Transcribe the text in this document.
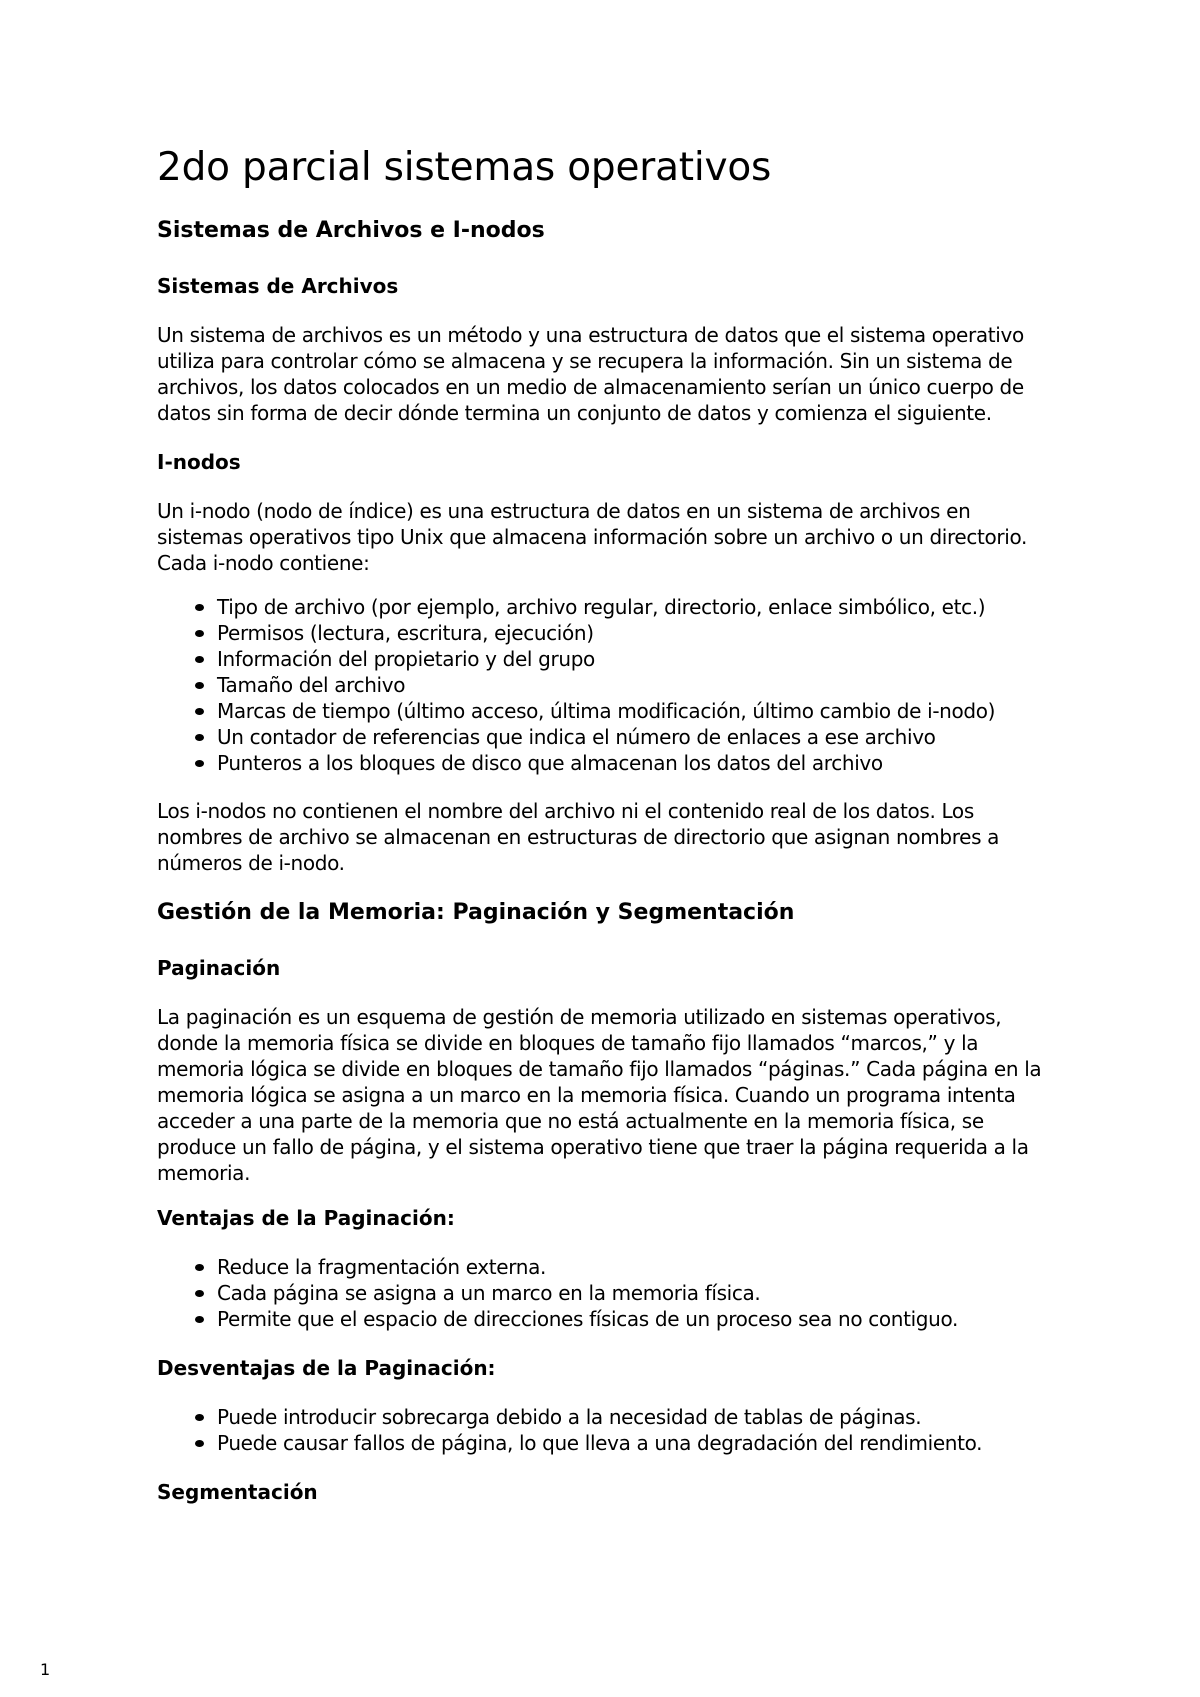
2do parcial sistemas operativos
Sistemas de Archivos e I-nodos
Sistemas de Archivos

Un sistema de archivos es un método y una estructura de datos que el sistema operativo utiliza para controlar cómo se almacena y se recupera la información. Sin un sistema de archivos, los datos colocados en un medio de almacenamiento serían un único cuerpo de datos sin forma de decir dónde termina un conjunto de datos y comienza el siguiente.

I-nodos

Un i-nodo (nodo de índice) es una estructura de datos en un sistema de archivos en sistemas operativos tipo Unix que almacena información sobre un archivo o un directorio. Cada i-nodo contiene:

Tipo de archivo (por ejemplo, archivo regular, directorio, enlace simbólico, etc.)
Permisos (lectura, escritura, ejecución)
Información del propietario y del grupo
Tamaño del archivo
Marcas de tiempo (último acceso, última modificación, último cambio de i-nodo)
Un contador de referencias que indica el número de enlaces a ese archivo
Punteros a los bloques de disco que almacenan los datos del archivo

Los i-nodos no contienen el nombre del archivo ni el contenido real de los datos. Los nombres de archivo se almacenan en estructuras de directorio que asignan nombres a números de i-nodo.

Gestión de la Memoria: Paginación y Segmentación
Paginación

La paginación es un esquema de gestión de memoria utilizado en sistemas operativos, donde la memoria física se divide en bloques de tamaño fijo llamados “marcos,” y la memoria lógica se divide en bloques de tamaño fijo llamados “páginas.” Cada página en la memoria lógica se asigna a un marco en la memoria física. Cuando un programa intenta acceder a una parte de la memoria que no está actualmente en la memoria física, se produce un fallo de página, y el sistema operativo tiene que traer la página requerida a la memoria.

Ventajas de la Paginación:
Reduce la fragmentación externa.
Cada página se asigna a un marco en la memoria física.
Permite que el espacio de direcciones físicas de un proceso sea no contiguo.
Desventajas de la Paginación:
Puede introducir sobrecarga debido a la necesidad de tablas de páginas.
Puede causar fallos de página, lo que lleva a una degradación del rendimiento.
Segmentación
1
